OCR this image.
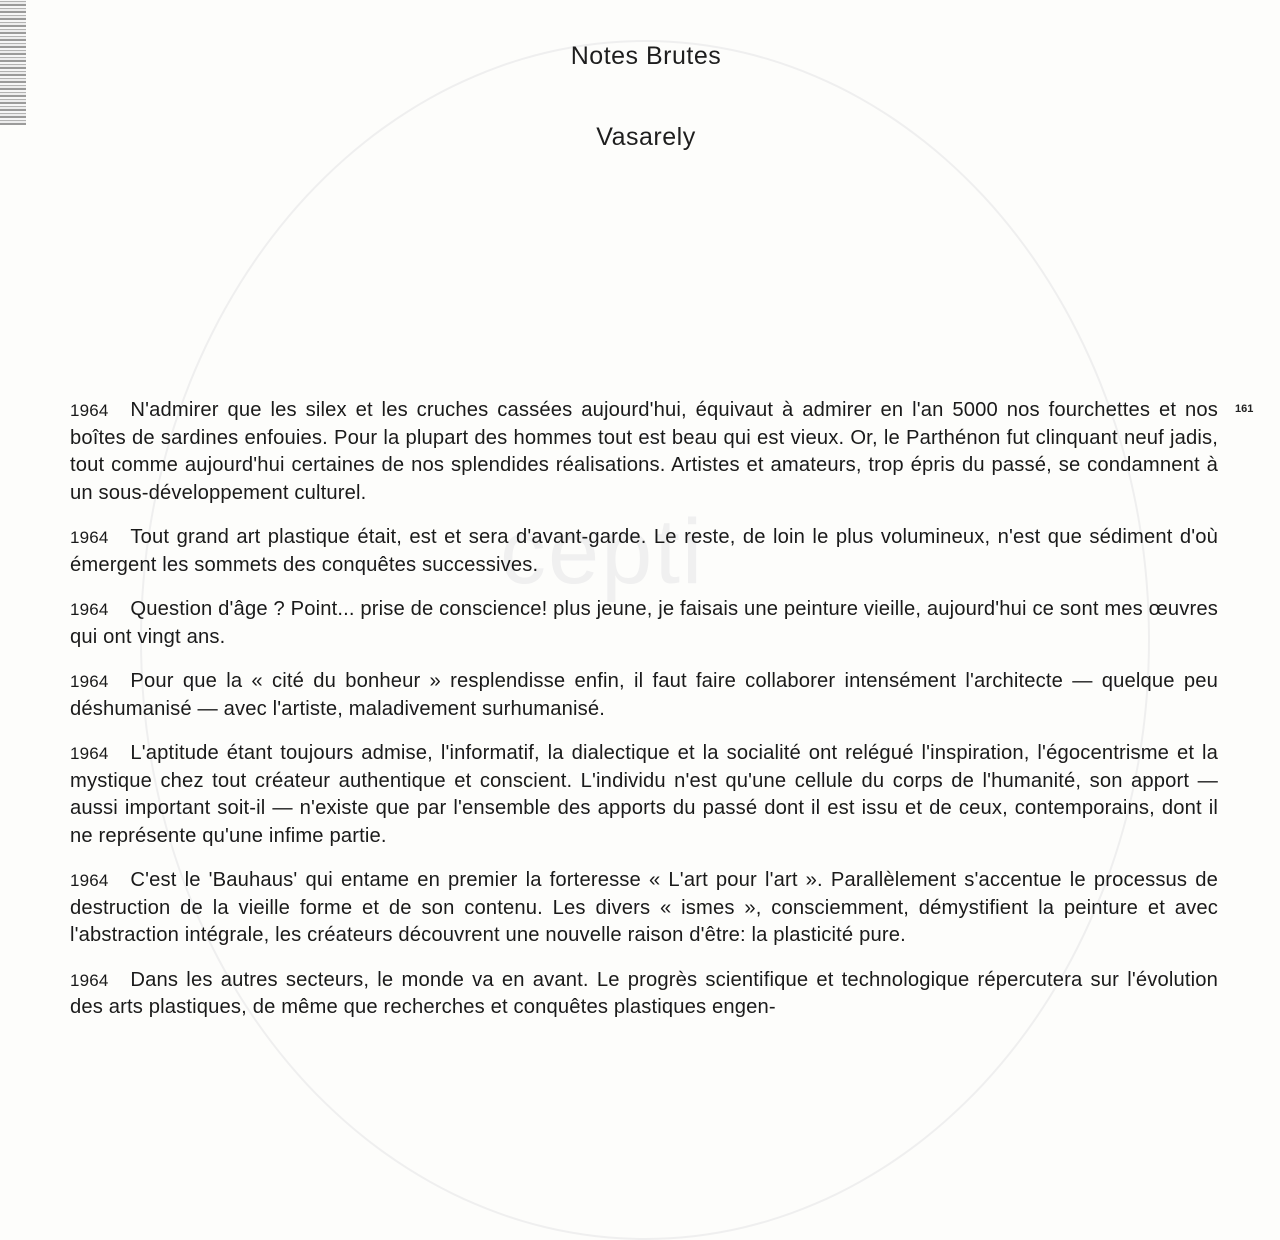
cepti
Notes Brutes
Vasarely
161

1964 N'admirer que les silex et les cruches cassées aujourd'hui, équivaut à admirer en l'an 5000 nos fourchettes et nos boîtes de sardines enfouies. Pour la plupart des hommes tout est beau qui est vieux. Or, le Parthénon fut clinquant neuf jadis, tout comme aujourd'hui certaines de nos splendides réalisations. Artistes et amateurs, trop épris du passé, se condamnent à un sous-développement culturel.

1964 Tout grand art plastique était, est et sera d'avant-garde. Le reste, de loin le plus volumineux, n'est que sédiment d'où émergent les sommets des conquêtes successives.

1964 Question d'âge ? Point... prise de conscience! plus jeune, je faisais une peinture vieille, aujourd'hui ce sont mes œuvres qui ont vingt ans.

1964 Pour que la « cité du bonheur » resplendisse enfin, il faut faire collaborer intensément l'architecte — quelque peu déshumanisé — avec l'artiste, maladivement surhumanisé.

1964 L'aptitude étant toujours admise, l'informatif, la dialectique et la socialité ont relégué l'inspiration, l'égocentrisme et la mystique chez tout créateur authentique et conscient. L'individu n'est qu'une cellule du corps de l'humanité, son apport — aussi important soit-il — n'existe que par l'ensemble des apports du passé dont il est issu et de ceux, contemporains, dont il ne représente qu'une infime partie.

1964 C'est le 'Bauhaus' qui entame en premier la forteresse « L'art pour l'art ». Parallèlement s'accentue le processus de destruction de la vieille forme et de son contenu. Les divers « ismes », consciemment, démystifient la peinture et avec l'abstraction intégrale, les créateurs découvrent une nouvelle raison d'être: la plasticité pure.

1964 Dans les autres secteurs, le monde va en avant. Le progrès scientifique et technologique répercutera sur l'évolution des arts plastiques, de même que recherches et conquêtes plastiques engen-
